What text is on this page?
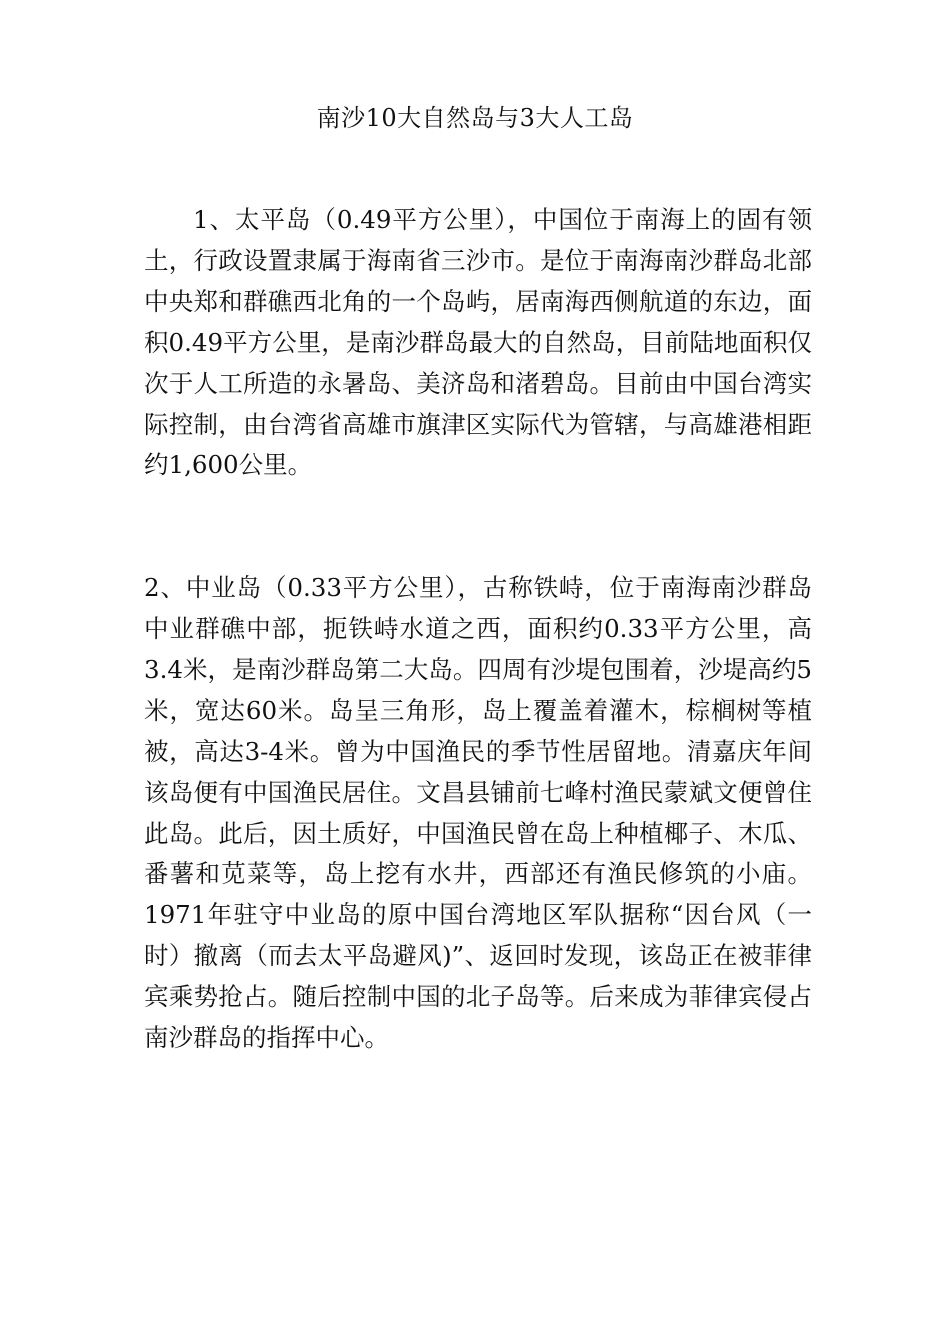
南沙10大自然岛与3大人工岛

1、太平岛（0.49平方公里），中国位于南海上的固有领土，行政设置隶属于海南省三沙市。是位于南海南沙群岛北部中央郑和群礁西北角的一个岛屿，居南海西侧航道的东边，面积0.49平方公里，是南沙群岛最大的自然岛，目前陆地面积仅次于人工所造的永暑岛、美济岛和渚碧岛。目前由中国台湾实际控制，由台湾省高雄市旗津区实际代为管辖，与高雄港相距约1,600公里。

2、中业岛（0.33平方公里），古称铁峙，位于南海南沙群岛中业群礁中部，扼铁峙水道之西，面积约0.33平方公里，高3.4米，是南沙群岛第二大岛。四周有沙堤包围着，沙堤高约5米，宽达60米。岛呈三角形，岛上覆盖着灌木，棕榈树等植被，高达3-4米。曾为中国渔民的季节性居留地。清嘉庆年间该岛便有中国渔民居住。文昌县铺前七峰村渔民蒙斌文便曾住此岛。此后，因土质好，中国渔民曾在岛上种植椰子、木瓜、番薯和苋菜等，岛上挖有水井，西部还有渔民修筑的小庙。1971年驻守中业岛的原中国台湾地区军队据称“因台风（一时）撤离（而去太平岛避风)”、返回时发现，该岛正在被菲律宾乘势抢占。随后控制中国的北子岛等。后来成为菲律宾侵占南沙群岛的指挥中心。
